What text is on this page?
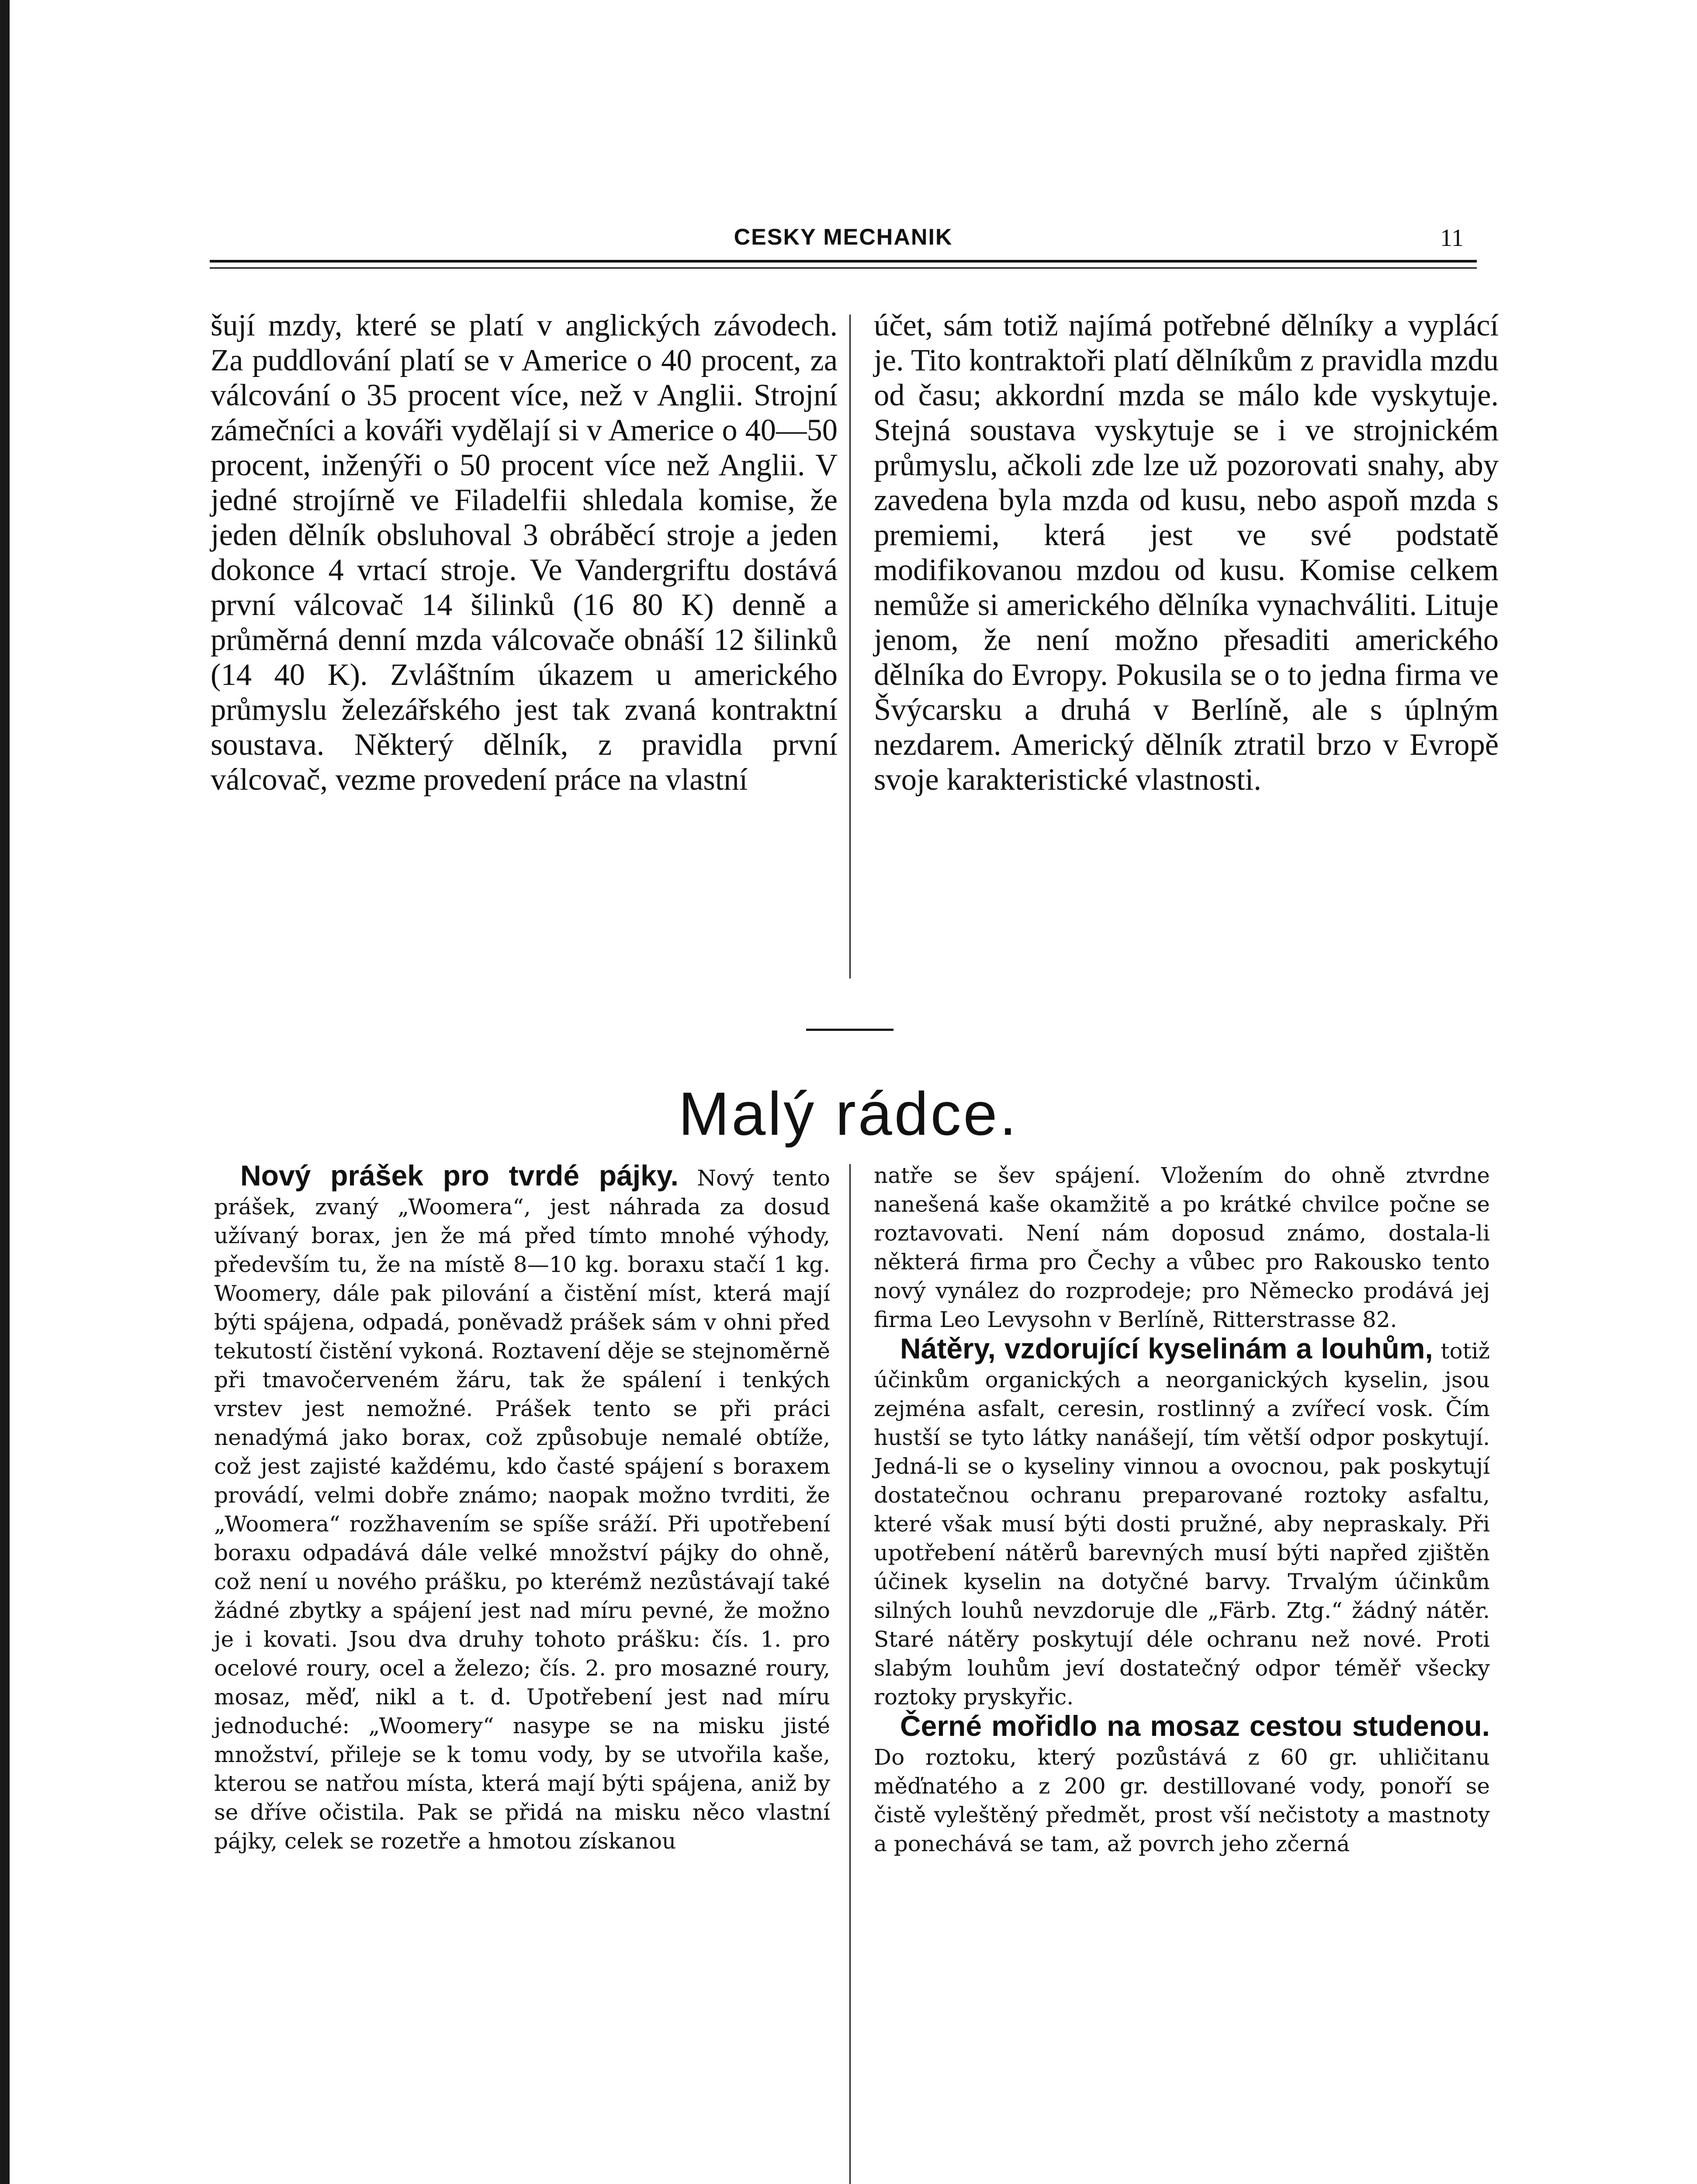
CESKY MECHANIK	11

šují mzdy, které se platí v anglických závodech. Za puddlování platí se v Americe o 40 procent, za válcování o 35 procent více, než v Anglii. Strojní zámečníci a kováři vydělají si v Americe o 40—50 procent, inženýři o 50 procent více než Anglii. V jedné strojírně ve Filadelfii shledala komise, že jeden dělník obsluhoval 3 obráběcí stroje a jeden dokonce 4 vrtací stroje. Ve Vandergriftu dostává první válcovač 14 šilinků (16 80 K) denně a průměrná denní mzda válcovače obnáší 12 šilinků (14 40 K). Zvláštním úkazem u amerického průmyslu železářského jest tak zvaná kontraktní soustava. Některý dělník, z pravidla první válcovač, vezme provedení práce na vlastní

účet, sám totiž najímá potřebné dělníky a vyplácí je. Tito kontraktoři platí dělníkům z pravidla mzdu od času; akkordní mzda se málo kde vyskytuje. Stejná soustava vyskytuje se i ve strojnickém průmyslu, ačkoli zde lze už pozorovati snahy, aby zavedena byla mzda od kusu, nebo aspoň mzda s premiemi, která jest ve své podstatě modifikovanou mzdou od kusu. Komise celkem nemůže si amerického dělníka vynachváliti. Lituje jenom, že není možno přesaditi amerického dělníka do Evropy. Pokusila se o to jedna firma ve Švýcarsku a druhá v Berlíně, ale s úplným nezdarem. Americký dělník ztratil brzo v Evropě svoje karakteristické vlastnosti.

Malý rádce.
Nový prášek pro tvrdé pájky. Nový tento prášek, zvaný „Woomera“, jest náhrada za dosud užívaný borax, jen že má před tímto mnohé výhody, především tu, že na místě 8—10 kg. boraxu stačí 1 kg. Woomery, dále pak pilování a čistění míst, která mají býti spájena, odpadá, poněvadž prášek sám v ohni před tekutostí čistění vykoná. Roztavení děje se stejnoměrně při tmavočerveném žáru, tak že spálení i tenkých vrstev jest nemožné. Prášek tento se při práci nenadýmá jako borax, což způsobuje nemalé obtíže, což jest zajisté každému, kdo časté spájení s boraxem provádí, velmi dobře známo; naopak možno tvrditi, že „Woomera“ rozžhavením se spíše sráží. Při upotřebení boraxu odpadává dále velké množství pájky do ohně, což není u nového prášku, po kterémž nezůstávají také žádné zbytky a spájení jest nad míru pevné, že možno je i kovati. Jsou dva druhy tohoto prášku: čís. 1. pro ocelové roury, ocel a železo; čís. 2. pro mosazné roury, mosaz, měď, nikl a t. d. Upotřebení jest nad míru jednoduché: „Woomery“ nasype se na misku jisté množství, přileje se k tomu vody, by se utvořila kaše, kterou se natřou místa, která mají býti spájena, aniž by se dříve očistila. Pak se přidá na misku něco vlastní pájky, celek se rozetře a hmotou získanou
natře se šev spájení. Vložením do ohně ztvrdne nanešená kaše okamžitě a po krátké chvilce počne se roztavovati. Není nám doposud známo, dostala-li některá firma pro Čechy a vůbec pro Rakousko tento nový vynález do rozprodeje; pro Německo prodává jej firma Leo Levysohn v Berlíně, Ritterstrasse 82.
Nátěry, vzdorující kyselinám a louhům, totiž účinkům organických a neorganických kyselin, jsou zejména asfalt, ceresin, rostlinný a zvířecí vosk. Čím hustší se tyto látky nanášejí, tím větší odpor poskytují. Jedná-li se o kyseliny vinnou a ovocnou, pak poskytují dostatečnou ochranu preparované roztoky asfaltu, které však musí býti dosti pružné, aby nepraskaly. Při upotřebení nátěrů barevných musí býti napřed zjištěn účinek kyselin na dotyčné barvy. Trvalým účinkům silných louhů nevzdoruje dle „Färb. Ztg.“ žádný nátěr. Staré nátěry poskytují déle ochranu než nové. Proti slabým louhům jeví dostatečný odpor téměř všecky roztoky pryskyřic.
Černé mořidlo na mosaz cestou studenou. Do roztoku, který pozůstává z 60 gr. uhličitanu měďnatého a z 200 gr. destillované vody, ponoří se čistě vyleštěný předmět, prost vší nečistoty a mastnoty a ponechává se tam, až povrch jeho zčerná
